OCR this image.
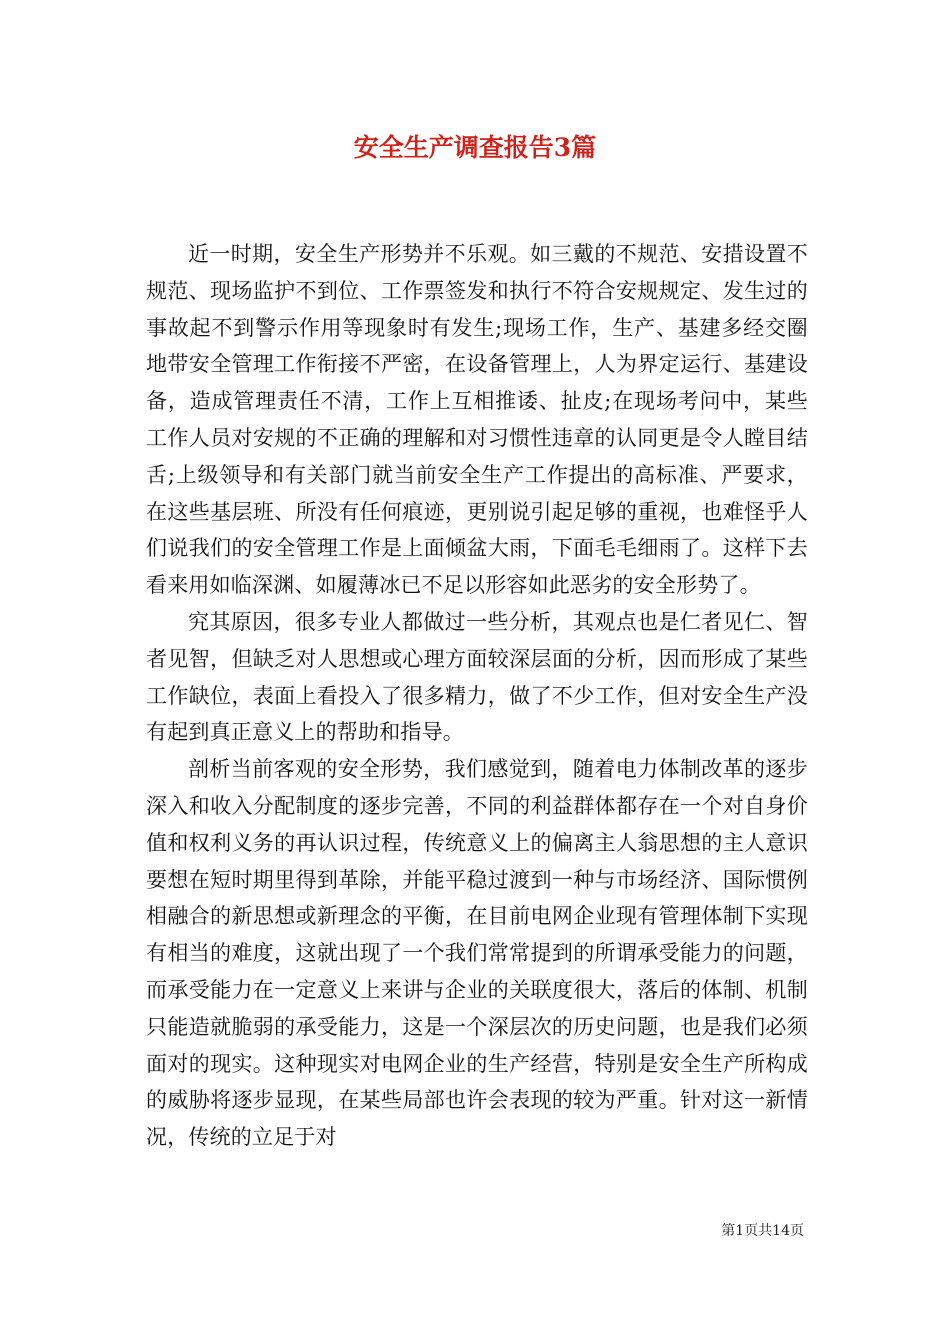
安全生产调查报告3篇

近一时期，安全生产形势并不乐观。如三戴的不规范、安措设置不规范、现场监护不到位、工作票签发和执行不符合安规规定、发生过的事故起不到警示作用等现象时有发生;现场工作，生产、基建多经交圈地带安全管理工作衔接不严密，在设备管理上，人为界定运行、基建设备，造成管理责任不清，工作上互相推诿、扯皮;在现场考问中，某些工作人员对安规的不正确的理解和对习惯性违章的认同更是令人瞠目结舌;上级领导和有关部门就当前安全生产工作提出的高标准、严要求，在这些基层班、所没有任何痕迹，更别说引起足够的重视，也难怪乎人们说我们的安全管理工作是上面倾盆大雨，下面毛毛细雨了。这样下去看来用如临深渊、如履薄冰已不足以形容如此恶劣的安全形势了。

究其原因，很多专业人都做过一些分析，其观点也是仁者见仁、智者见智，但缺乏对人思想或心理方面较深层面的分析，因而形成了某些工作缺位，表面上看投入了很多精力，做了不少工作，但对安全生产没有起到真正意义上的帮助和指导。

剖析当前客观的安全形势，我们感觉到，随着电力体制改革的逐步深入和收入分配制度的逐步完善，不同的利益群体都存在一个对自身价值和权利义务的再认识过程，传统意义上的偏离主人翁思想的主人意识要想在短时期里得到革除，并能平稳过渡到一种与市场经济、国际惯例相融合的新思想或新理念的平衡，在目前电网企业现有管理体制下实现有相当的难度，这就出现了一个我们常常提到的所谓承受能力的问题，而承受能力在一定意义上来讲与企业的关联度很大，落后的体制、机制只能造就脆弱的承受能力，这是一个深层次的历史问题，也是我们必须面对的现实。这种现实对电网企业的生产经营，特别是安全生产所构成的威胁将逐步显现，在某些局部也许会表现的较为严重。针对这一新情况，传统的立足于对

第1页共14页
